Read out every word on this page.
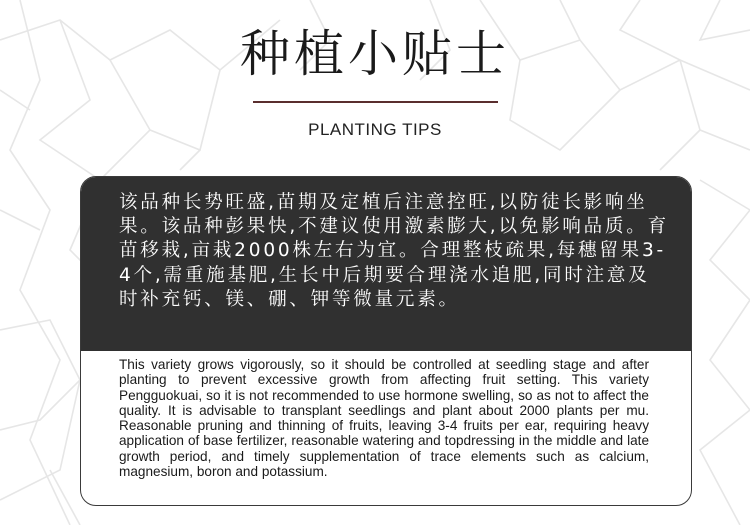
种植小贴士
PLANTING TIPS
该品种长势旺盛,苗期及定植后注意控旺,以防徒长影响坐果。该品种彭果快,不建议使用激素膨大,以免影响品质。育苗移栽,亩栽2000株左右为宜。合理整枝疏果,每穗留果3-4个,需重施基肥,生长中后期要合理浇水追肥,同时注意及时补充钙、镁、硼、钾等微量元素。
This variety grows vigorously, so it should be controlled at seedling stage and after planting to prevent excessive growth from affecting fruit setting. This variety Pengguokuai, so it is not recommended to use hormone swelling, so as not to affect the quality. It is advisable to transplant seedlings and plant about 2000 plants per mu. Reasonable pruning and thinning of fruits, leaving 3-4 fruits per ear, requiring heavy application of base fertilizer, reasonable watering and topdressing in the middle and late growth period, and timely supplementation of trace elements such as calcium, magnesium, boron and potassium.
